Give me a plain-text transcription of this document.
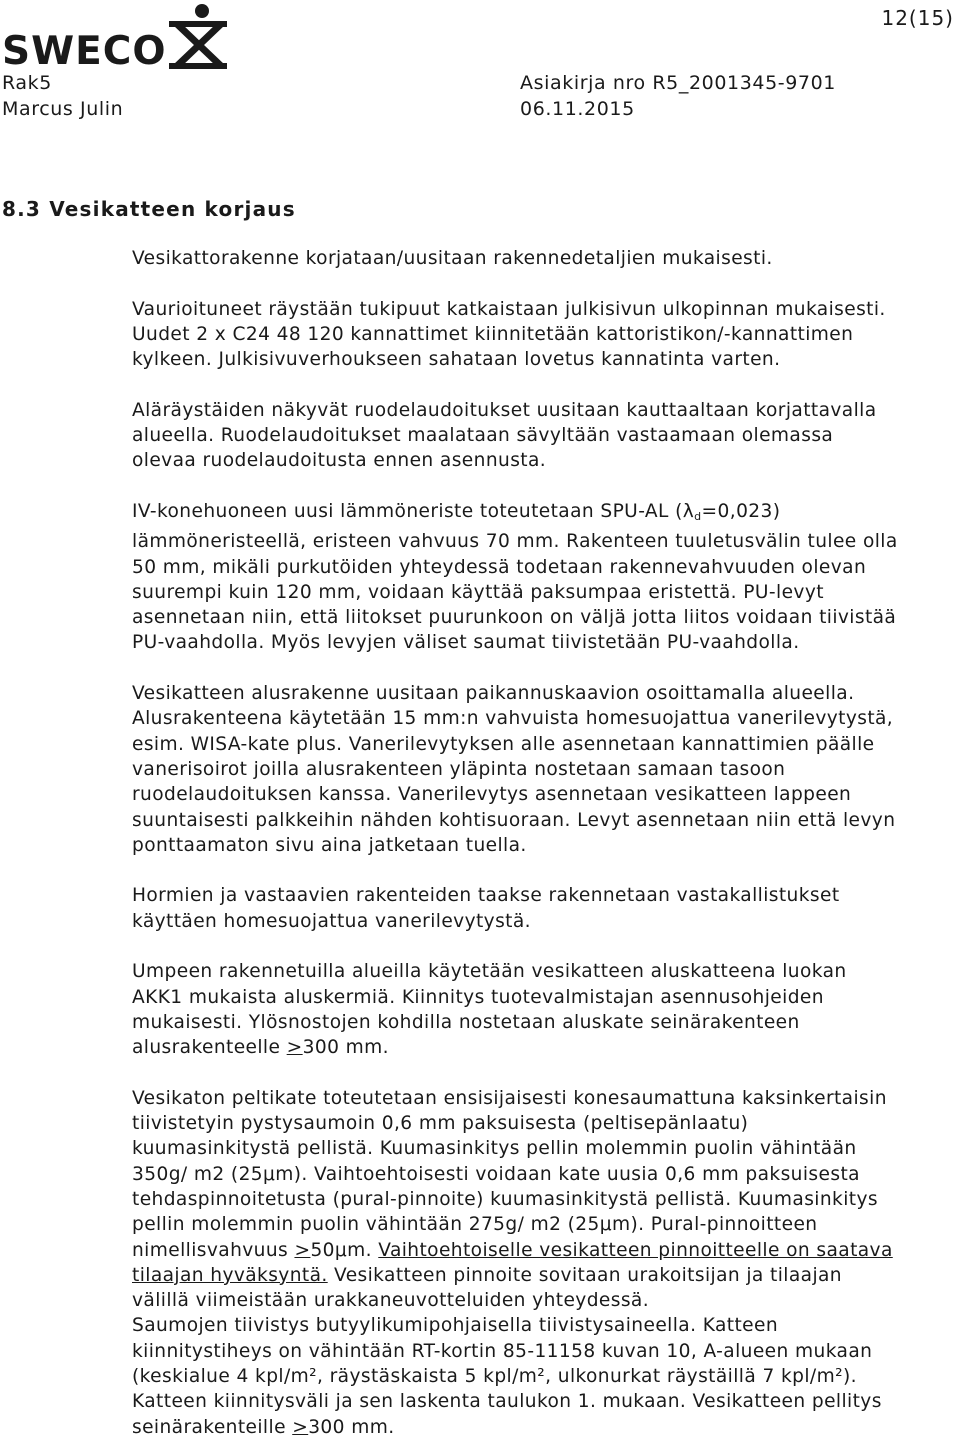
SWECO
12(15)
Rak5
Marcus Julin
Asiakirja nro R5_2001345-9701
06.11.2015
8.3 Vesikatteen korjaus

Vesikattorakenne korjataan/uusitaan rakennedetaljien mukaisesti.

Vaurioituneet räystään tukipuut katkaistaan julkisivun ulkopinnan mukaisesti.
Uudet 2 x C24 48 120 kannattimet kiinnitetään kattoristikon/-kannattimen
kylkeen. Julkisivuverhoukseen sahataan lovetus kannatinta varten.

Aläräystäiden näkyvät ruodelaudoitukset uusitaan kauttaaltaan korjattavalla
alueella. Ruodelaudoitukset maalataan sävyltään vastaamaan olemassa
olevaa ruodelaudoitusta ennen asennusta.

IV-konehuoneen uusi lämmöneriste toteutetaan SPU-AL $(\lambda_d=0,023)$
lämmöneristeellä, eristeen vahvuus 70 mm. Rakenteen tuuletusvälin tulee olla
50 mm, mikäli purkutöiden yhteydessä todetaan rakennevahvuuden olevan
suurempi kuin 120 mm, voidaan käyttää paksumpaa eristettä. PU-levyt
asennetaan niin, että liitokset puurunkoon on väljä jotta liitos voidaan tiivistää
PU-vaahdolla. Myös levyjen väliset saumat tiivistetään PU-vaahdolla.

Vesikatteen alusrakenne uusitaan paikannuskaavion osoittamalla alueella.
Alusrakenteena käytetään 15 mm:n vahvuista homesuojattua vanerilevytystä,
esim. WISA-kate plus. Vanerilevytyksen alle asennetaan kannattimien päälle
vanerisoirot joilla alusrakenteen yläpinta nostetaan samaan tasoon
ruodelaudoituksen kanssa. Vanerilevytys asennetaan vesikatteen lappeen
suuntaisesti palkkeihin nähden kohtisuoraan. Levyt asennetaan niin että levyn
ponttaamaton sivu aina jatketaan tuella.

Hormien ja vastaavien rakenteiden taakse rakennetaan vastakallistukset
käyttäen homesuojattua vanerilevytystä.

Umpeen rakennetuilla alueilla käytetään vesikatteen aluskatteena luokan
AKK1 mukaista aluskermiä. Kiinnitys tuotevalmistajan asennusohjeiden
mukaisesti. Ylösnostojen kohdilla nostetaan aluskate seinärakenteen
alusrakenteelle >300 mm.

Vesikaton peltikate toteutetaan ensisijaisesti konesaumattuna kaksinkertaisin
tiivistetyin pystysaumoin 0,6 mm paksuisesta (peltisepänlaatu)
kuumasinkitystä pellistä. Kuumasinkitys pellin molemmin puolin vähintään
350g/ m2 (25μm). Vaihtoehtoisesti voidaan kate uusia 0,6 mm paksuisesta
tehdaspinnoitetusta (pural-pinnoite) kuumasinkitystä pellistä. Kuumasinkitys
pellin molemmin puolin vähintään 275g/ m2 (25μm). Pural-pinnoitteen
nimellisvahvuus >50μm. Vaihtoehtoiselle vesikatteen pinnoitteelle on saatava
tilaajan hyväksyntä. Vesikatteen pinnoite sovitaan urakoitsijan ja tilaajan
välillä viimeistään urakkaneuvotteluiden yhteydessä.

Saumojen tiivistys butyylikumipohjaisella tiivistysaineella. Katteen
kiinnitystiheys on vähintään RT-kortin 85-11158 kuvan 10, A-alueen mukaan
(keskialue 4 kpl/m², räystäskaista 5 kpl/m², ulkonurkat räystäillä 7 kpl/m²).
Katteen kiinnitysväli ja sen laskenta taulukon 1. mukaan. Vesikatteen pellitys
seinärakenteille >300 mm.
